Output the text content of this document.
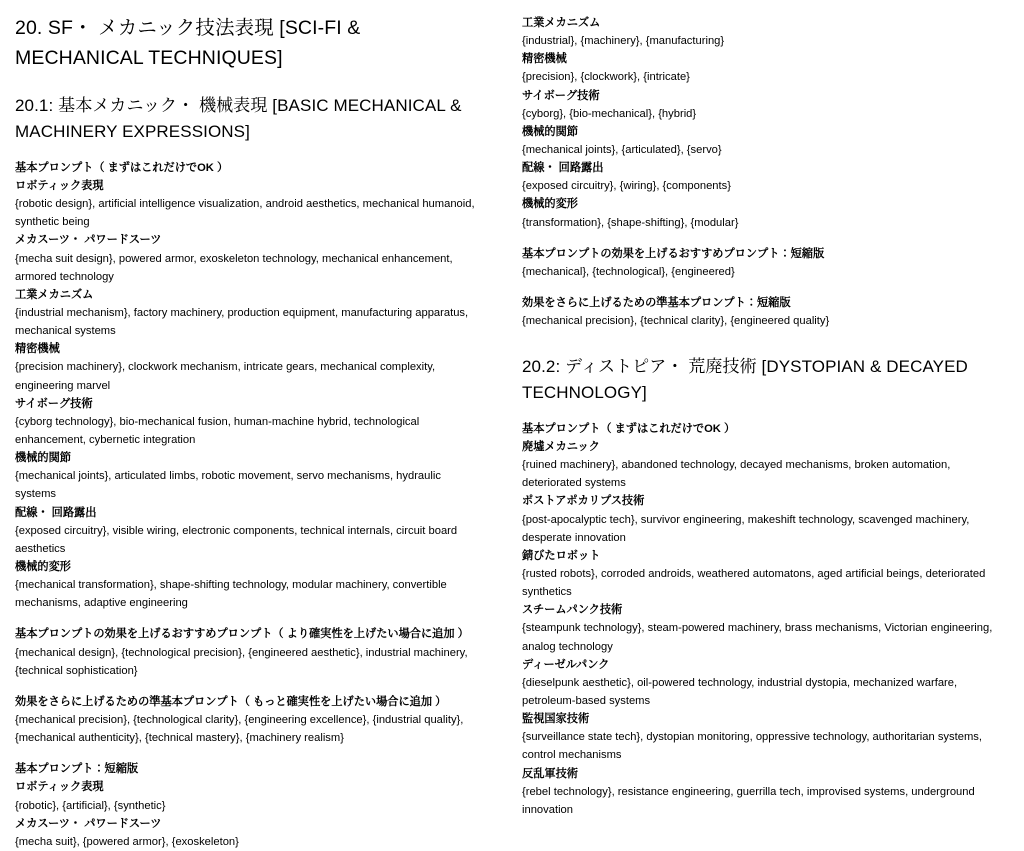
20. SF・ メカニック技法表現 [SCI-FI & MECHANICAL TECHNIQUES]
20.1: 基本メカニック・ 機械表現 [BASIC MECHANICAL & MACHINERY EXPRESSIONS]

基本プロンプト（ まずはこれだけでOK ）

ロボティック表現

{robotic design}, artificial intelligence visualization, android aesthetics, mechanical humanoid, synthetic being

メカスーツ・ パワードスーツ

{mecha suit design}, powered armor, exoskeleton technology, mechanical enhancement, armored technology

工業メカニズム

{industrial mechanism}, factory machinery, production equipment, manufacturing apparatus, mechanical systems

精密機械

{precision machinery}, clockwork mechanism, intricate gears, mechanical complexity, engineering marvel

サイボーグ技術

{cyborg technology}, bio-mechanical fusion, human-machine hybrid, technological enhancement, cybernetic integration

機械的関節

{mechanical joints}, articulated limbs, robotic movement, servo mechanisms, hydraulic systems

配線・ 回路露出

{exposed circuitry}, visible wiring, electronic components, technical internals, circuit board aesthetics

機械的変形

{mechanical transformation}, shape-shifting technology, modular machinery, convertible mechanisms, adaptive engineering

基本プロンプトの効果を上げるおすすめプロンプト（ より確実性を上げたい場合に追加 ）

{mechanical design}, {technological precision}, {engineered aesthetic}, industrial machinery, {technical sophistication}

効果をさらに上げるための準基本プロンプト（ もっと確実性を上げたい場合に追加 ）

{mechanical precision}, {technological clarity}, {engineering excellence}, {industrial quality}, {mechanical authenticity}, {technical mastery}, {machinery realism}

基本プロンプト：短縮版

ロボティック表現

{robotic}, {artificial}, {synthetic}

メカスーツ・ パワードスーツ

{mecha suit}, {powered armor}, {exoskeleton}

工業メカニズム

{industrial}, {machinery}, {manufacturing}

精密機械

{precision}, {clockwork}, {intricate}

サイボーグ技術

{cyborg}, {bio-mechanical}, {hybrid}

機械的関節

{mechanical joints}, {articulated}, {servo}

配線・ 回路露出

{exposed circuitry}, {wiring}, {components}

機械的変形

{transformation}, {shape-shifting}, {modular}

基本プロンプトの効果を上げるおすすめプロンプト：短縮版

{mechanical}, {technological}, {engineered}

効果をさらに上げるための準基本プロンプト：短縮版

{mechanical precision}, {technical clarity}, {engineered quality}

20.2: ディストピア・ 荒廃技術 [DYSTOPIAN & DECAYED TECHNOLOGY]

基本プロンプト（ まずはこれだけでOK ）

廃墟メカニック

{ruined machinery}, abandoned technology, decayed mechanisms, broken automation, deteriorated systems

ポストアポカリプス技術

{post-apocalyptic tech}, survivor engineering, makeshift technology, scavenged machinery, desperate innovation

錆びたロボット

{rusted robots}, corroded androids, weathered automatons, aged artificial beings, deteriorated synthetics

スチームパンク技術

{steampunk technology}, steam-powered machinery, brass mechanisms, Victorian engineering, analog technology

ディーゼルパンク

{dieselpunk aesthetic}, oil-powered technology, industrial dystopia, mechanized warfare, petroleum-based systems

監視国家技術

{surveillance state tech}, dystopian monitoring, oppressive technology, authoritarian systems, control mechanisms

反乱軍技術

{rebel technology}, resistance engineering, guerrilla tech, improvised systems, underground innovation
